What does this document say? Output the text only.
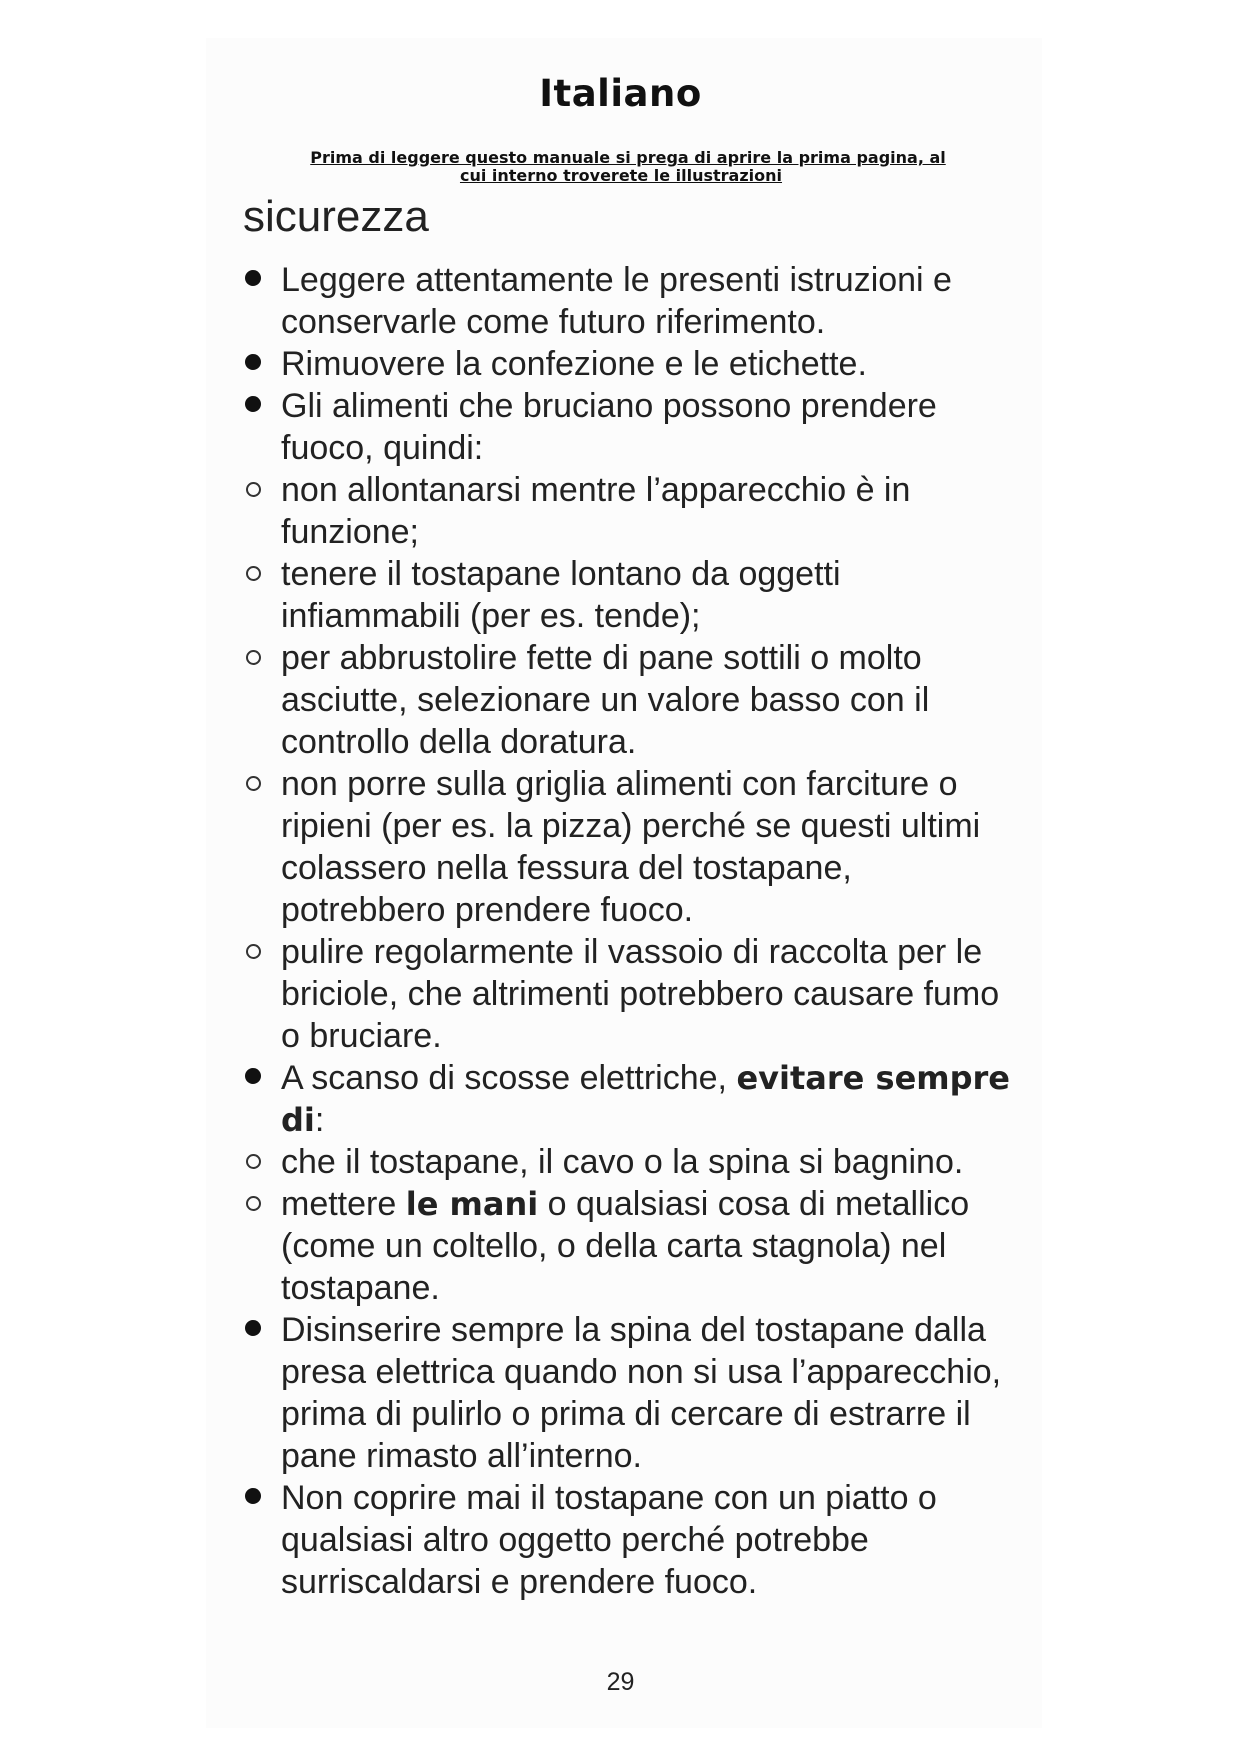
Italiano
Prima di leggere questo manuale si prega di aprire la prima pagina, al
cui interno troverete le illustrazioni
sicurezza
Leggere attentamente le presenti istruzioni e conservarle come futuro riferimento.
Rimuovere la confezione e le etichette.
Gli alimenti che bruciano possono prendere fuoco, quindi:
non allontanarsi mentre l’apparecchio è in funzione;
tenere il tostapane lontano da oggetti infiammabili (per es. tende);
per abbrustolire fette di pane sottili o molto asciutte, selezionare un valore basso con il controllo della doratura.
non porre sulla griglia alimenti con farciture o ripieni (per es. la pizza) perché se questi ultimi colassero nella fessura del tostapane, potrebbero prendere fuoco.
pulire regolarmente il vassoio di raccolta per le briciole, che altrimenti potrebbero causare fumo o bruciare.
A scanso di scosse elettriche, evitare sempre di:
che il tostapane, il cavo o la spina si bagnino.
mettere le mani o qualsiasi cosa di metallico (come un coltello, o della carta stagnola) nel tostapane.
Disinserire sempre la spina del tostapane dalla presa elettrica quando non si usa l’apparecchio, prima di pulirlo o prima di cercare di estrarre il pane rimasto all’interno.
Non coprire mai il tostapane con un piatto o qualsiasi altro oggetto perché potrebbe surriscaldarsi e prendere fuoco.
29
